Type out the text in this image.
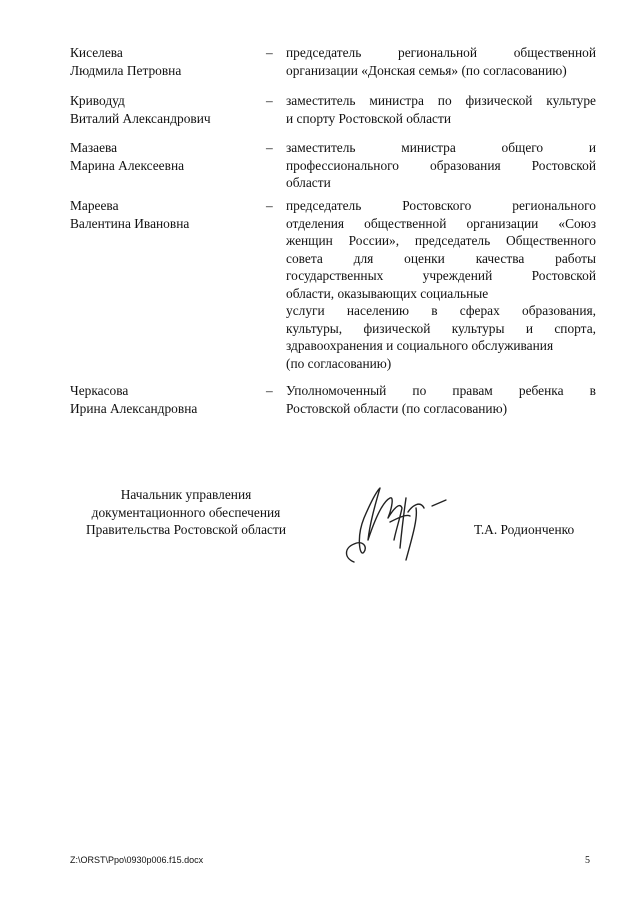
Киселева
Людмила Петровна
– председатель региональной общественной
организации «Донская семья» (по согласованию)
Криводуд
Виталий Александрович
– заместитель министра по физической культуре
и спорту Ростовской области
Мазаева
Марина Алексеевна
– заместитель министра общего и
профессионального образования Ростовской
области
Мареева
Валентина Ивановна
– председатель Ростовского регионального
отделения общественной организации «Союз
женщин России», председатель Общественного
совета для оценки качества работы
государственных учреждений Ростовской
области, оказывающих социальные
услуги населению в сферах образования,
культуры, физической культуры и спорта,
здравоохранения и социального обслуживания
(по согласованию)
Черкасова
Ирина Александровна
– Уполномоченный по правам ребенка в
Ростовской области (по согласованию)
Начальник управления
документационного обеспечения
Правительства Ростовской области	Т.А. Родионченко
Z:\ORST\Ppo\0930p006.f15.docx	5
